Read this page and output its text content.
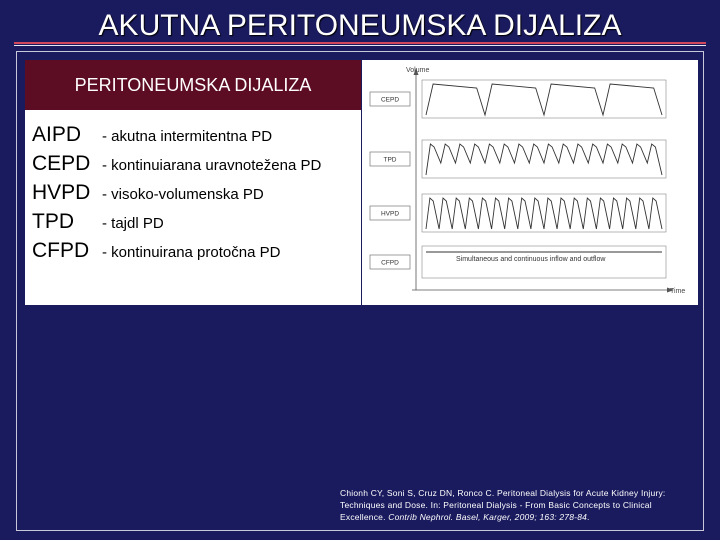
AKUTNA PERITONEUMSKA DIJALIZA
PERITONEUMSKA DIJALIZA
AIPD	- akutna intermitentna PD
CEPD - kontinuiarana uravnotežena PD
HVPD - visoko-volumenska PD
TPD	- tajdl PD
CFPD - kontinuirana protočna PD
Volume
Time
CEPD
TPD
HVPD
CFPD	Simultaneous and continuous inflow and outflow
Chionh CY, Soni S, Cruz DN, Ronco C. Peritoneal Dialysis for Acute Kidney Injury:
Techniques and Dose. In: Peritoneal Dialysis - From Basic Concepts to Clinical
Excellence. Contrib Nephrol. Basel, Karger, 2009; 163: 278-84.
